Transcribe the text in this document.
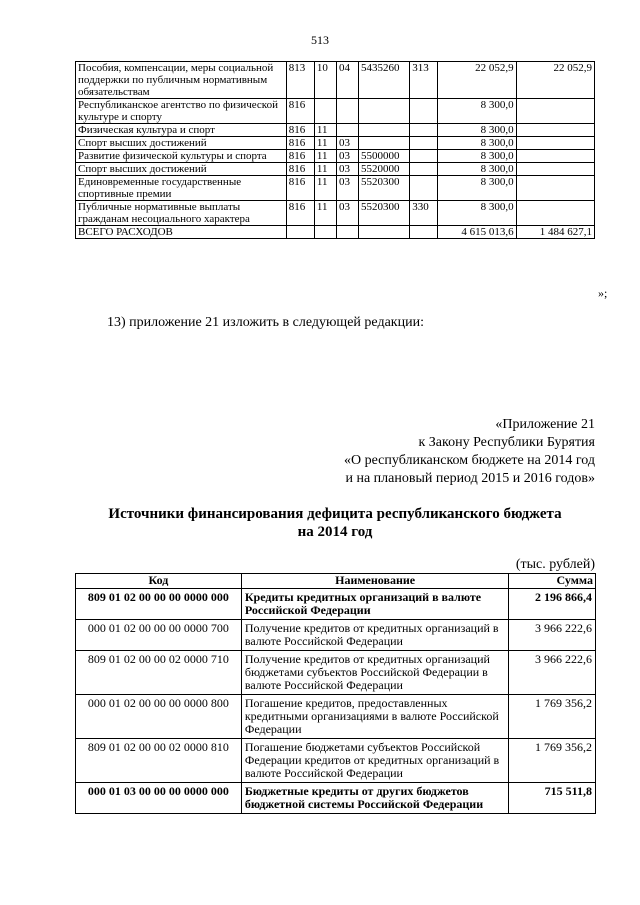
513
Пособия, компенсации, меры социальной поддержки по публичным нормативным обязательствам	813	10	04	5435260	313	22 052,9	22 052,9
Республиканское агентство по физической культуре и спорту	816					8 300,0	
Физическая культура и спорт	816	11				8 300,0	
Спорт высших достижений	816	11	03			8 300,0	
Развитие физической культуры и спорта	816	11	03	5500000		8 300,0	
Спорт высших достижений	816	11	03	5520000		8 300,0	
Единовременные государственные спортивные премии	816	11	03	5520300		8 300,0	
Публичные нормативные выплаты гражданам несоциального характера	816	11	03	5520300	330	8 300,0	
ВСЕГО РАСХОДОВ						4 615 013,6	1 484 627,1
»;
13) приложение 21 изложить в следующей редакции:
«Приложение 21
к Закону Республики Бурятия
«О республиканском бюджете на 2014 год
и на плановый период 2015 и 2016 годов»
Источники финансирования дефицита республиканского бюджета
на 2014 год
(тыс. рублей)
Код	Наименование	Сумма
809 01 02 00 00 00 0000 000	Кредиты кредитных организаций в валюте Российской Федерации	2 196 866,4
000 01 02 00 00 00 0000 700	Получение кредитов от кредитных организаций в валюте Российской Федерации	3 966 222,6
809 01 02 00 00 02 0000 710	Получение кредитов от кредитных организаций бюджетами субъектов Российской Федерации в валюте Российской Федерации	3 966 222,6
000 01 02 00 00 00 0000 800	Погашение кредитов, предоставленных кредитными организациями в валюте Российской Федерации	1 769 356,2
809 01 02 00 00 02 0000 810	Погашение бюджетами субъектов Российской Федерации кредитов от кредитных организаций в валюте Российской Федерации	1 769 356,2
000 01 03 00 00 00 0000 000	Бюджетные кредиты от других бюджетов бюджетной системы Российской Федерации	715 511,8
